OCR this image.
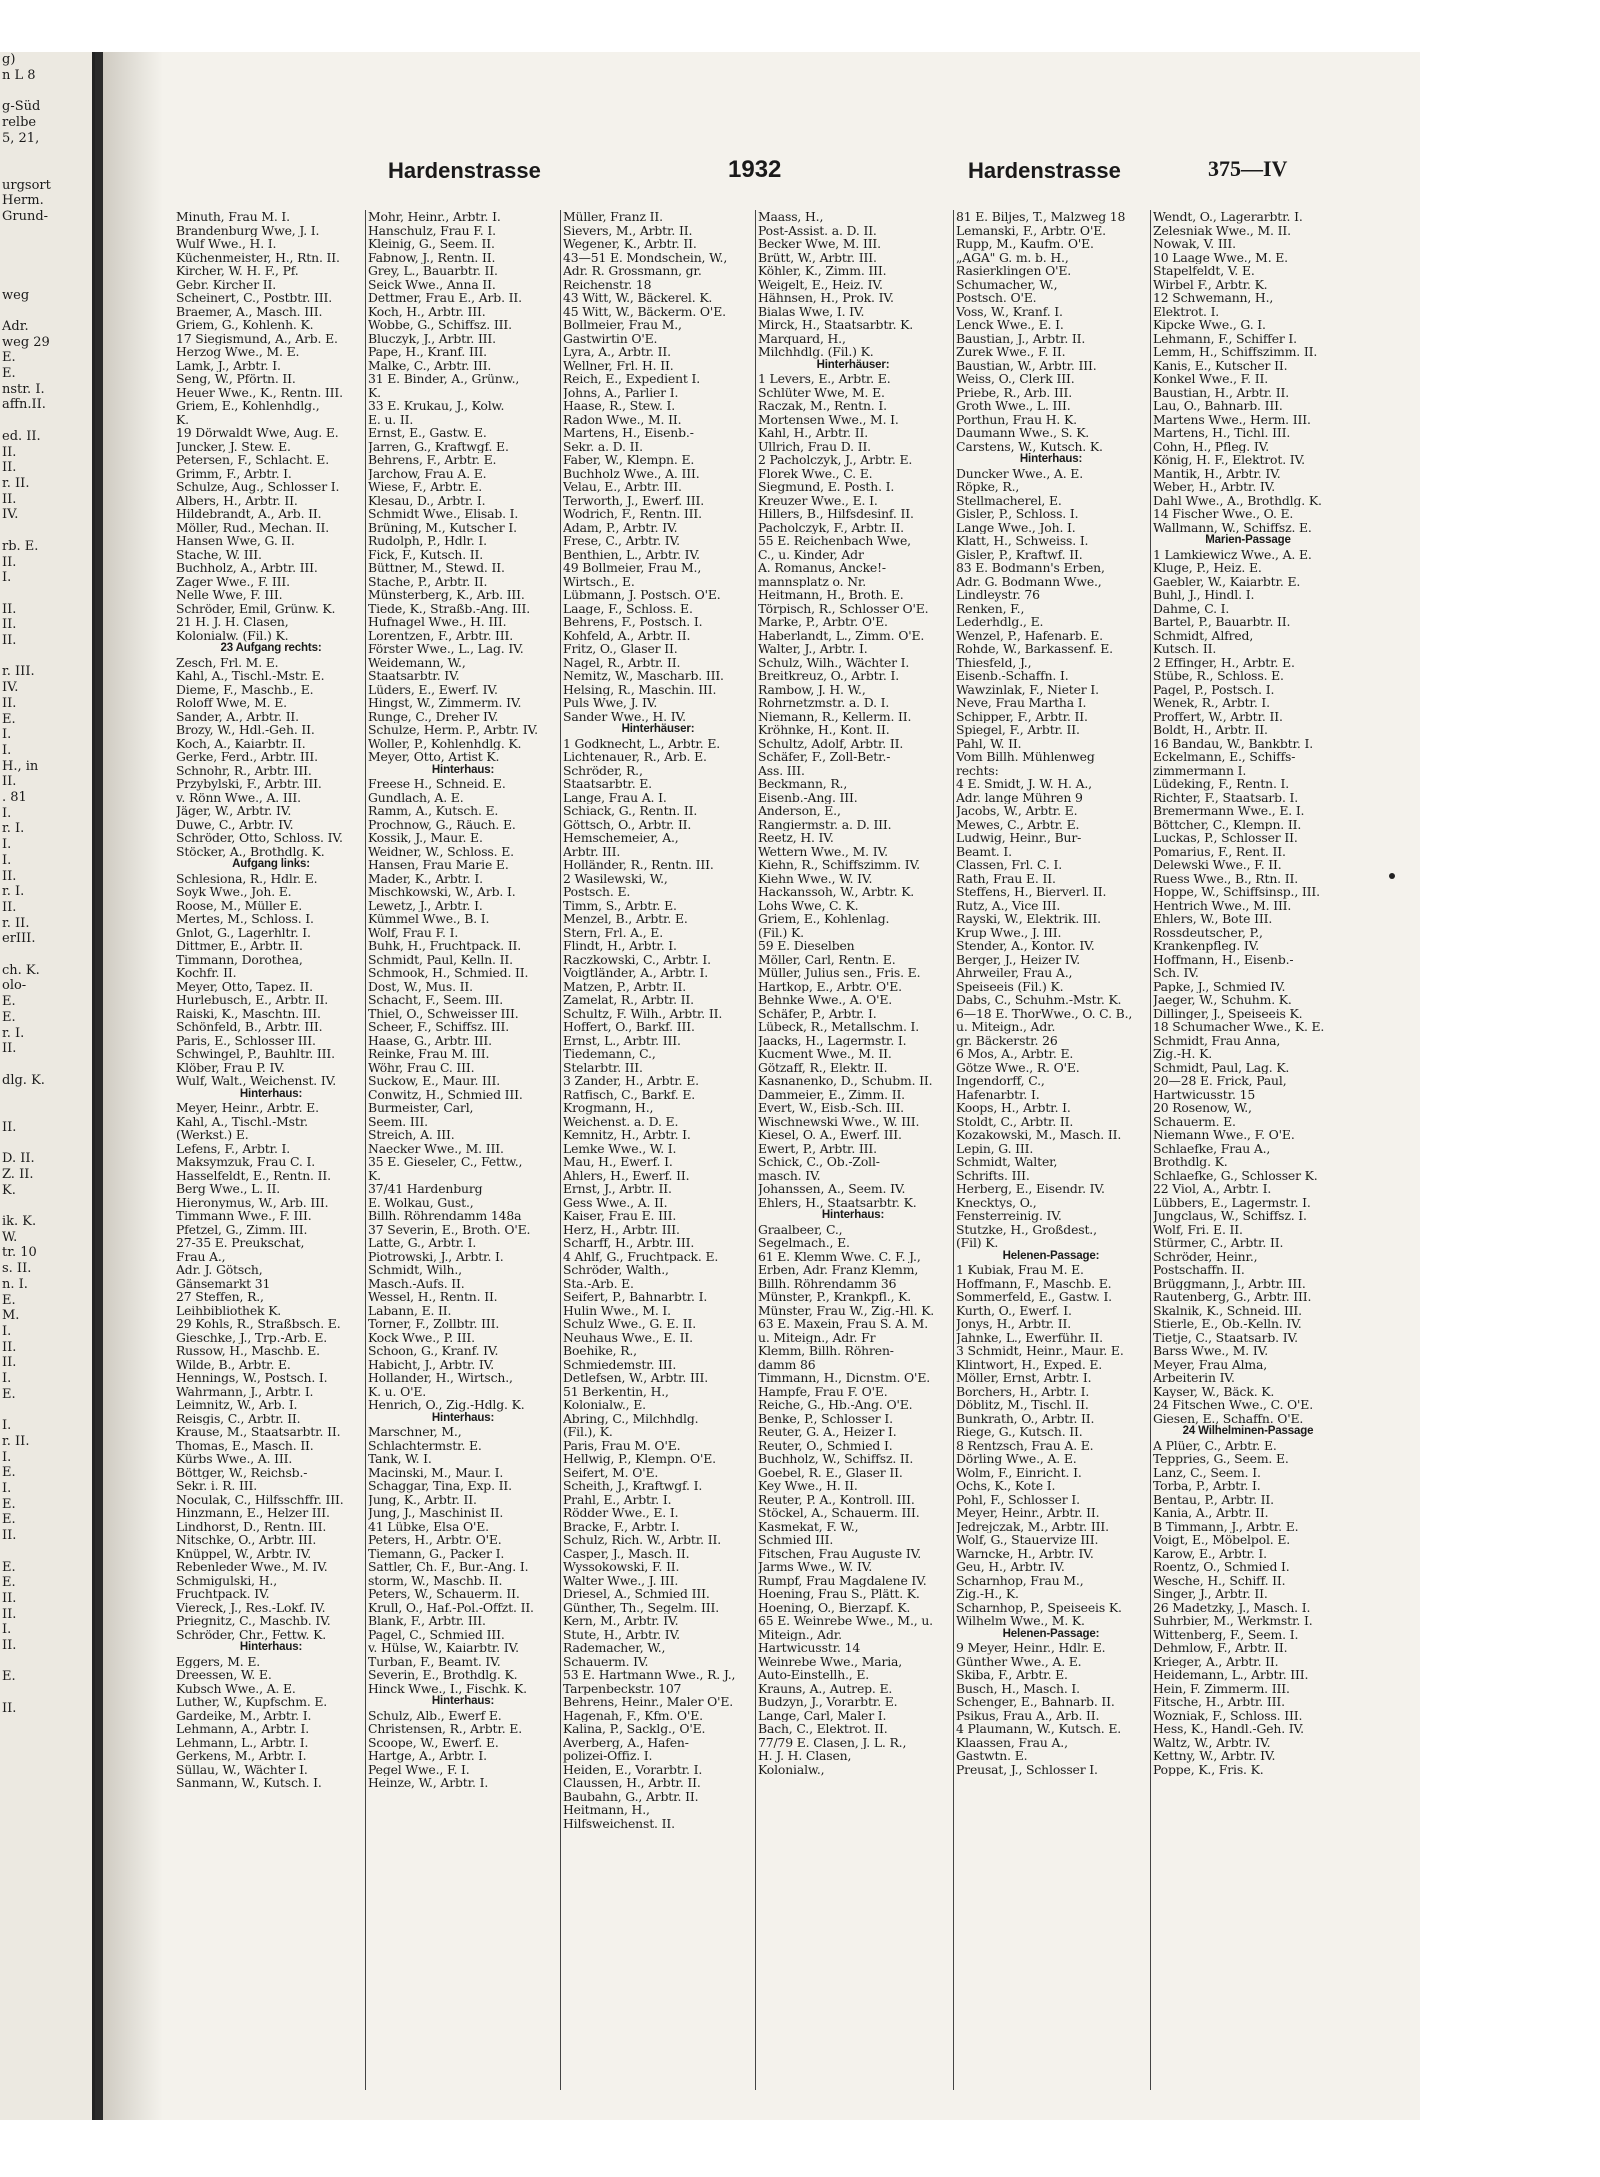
g)
n L 8

g-Süd
relbe
5, 21,

urgsort
Herm.
Grund-

weg

Adr.
weg 29
E.
E.
nstr. I.
affn.II.

ed. II.
II.
II.
r. II.
II.
IV.

rb. E.
II.
I.

II.
II.
II.

r. III.
IV.
II.
E.
I.
I.
H., in
II.
. 81
I.
r. I.
I.
I.
II.
r. I.
II.
r. II.
erIII.

ch. K.
olo-
E.
E.
r. I.
II.

dlg. K.

II.

D. II.
Z. II.
K.

ik. K.
W.
tr. 10
s. II.
n. I.
E.
M.
I.
II.
II.
I.
E.

I.
r. II.
I.
E.
I.
E.
E.
II.

E.
E.
II.
II.
I.
II.

E.

II.
Hardenstrasse	1932	Hardenstrasse	375—IV
Minuth, Frau M. I.
Brandenburg Wwe, J. I.
Wulf Wwe., H. I.
Küchenmeister, H., Rtn. II.
Kircher, W. H. F., Pf.
Gebr. Kircher II.
Scheinert, C., Postbtr. III.
Braemer, A., Masch. III.
Griem, G., Kohlenh. K.
17 Siegismund, A., Arb. E.
Herzog Wwe., M. E.
Lamk, J., Arbtr. I.
Seng, W., Pförtn. II.
Heuer Wwe., K., Rentn. III.
Griem, E., Kohlenhdlg.,
K.
19 Dörwaldt Wwe, Aug. E.
Juncker, J. Stew. E.
Petersen, F., Schlacht. E.
Grimm, F., Arbtr. I.
Schulze, Aug., Schlosser I.
Albers, H., Arbtr. II.
Hildebrandt, A., Arb. II.
Möller, Rud., Mechan. II.
Hansen Wwe, G. II.
Stache, W. III.
Buchholz, A., Arbtr. III.
Zager Wwe., F. III.
Nelle Wwe, F. III.
Schröder, Emil, Grünw. K.
21 H. J. H. Clasen,
Kolonialw. (Fil.) K.
23 Aufgang rechts:
Zesch, Frl. M. E.
Kahl, A., Tischl.-Mstr. E.
Dieme, F., Maschb., E.
Roloff Wwe, M. E.
Sander, A., Arbtr. II.
Brozy, W., Hdl.-Geh. II.
Koch, A., Kaiarbtr. II.
Gerke, Ferd., Arbtr. III.
Schnohr, R., Arbtr. III.
Przybylski, F., Arbtr. III.
v. Rönn Wwe., A. III.
Jäger, W., Arbtr. IV.
Duwe, C., Arbtr. IV.
Schröder, Otto, Schloss. IV.
Stöcker, A., Brothdlg. K.
Aufgang links:
Schlesiona, R., Hdlr. E.
Soyk Wwe., Joh. E.
Roose, M., Müller E.
Mertes, M., Schloss. I.
Gnlot, G., Lagerhltr. I.
Dittmer, E., Arbtr. II.
Timmann, Dorothea,
Kochfr. II.
Meyer, Otto, Tapez. II.
Hurlebusch, E., Arbtr. II.
Raiski, K., Maschtn. III.
Schönfeld, B., Arbtr. III.
Paris, E., Schlosser III.
Schwingel, P., Bauhltr. III.
Klöber, Frau P. IV.
Wulf, Walt., Weichenst. IV.
Hinterhaus:
Meyer, Heinr., Arbtr. E.
Kahl, A., Tischl.-Mstr.
(Werkst.) E.
Lefens, F., Arbtr. I.
Maksymzuk, Frau C. I.
Hasselfeldt, E., Rentn. II.
Berg Wwe., L. II.
Hieronymus, W., Arb. III.
Timmann Wwe., F. III.
Pfetzel, G., Zimm. III.
27-35 E. Preukschat,
Frau A.,
Adr. J. Götsch,
Gänsemarkt 31
27 Steffen, R.,
Leihbibliothek K.
29 Kohls, R., Straßbsch. E.
Gieschke, J., Trp.-Arb. E.
Russow, H., Maschb. E.
Wilde, B., Arbtr. E.
Hennings, W., Postsch. I.
Wahrmann, J., Arbtr. I.
Leimnitz, W., Arb. I.
Reisgis, C., Arbtr. II.
Krause, M., Staatsarbtr. II.
Thomas, E., Masch. II.
Kürbs Wwe., A. III.
Böttger, W., Reichsb.-
Sekr. i. R. III.
Noculak, C., Hilfsschffr. III.
Hinzmann, E., Helzer III.
Lindhorst, D., Rentn. III.
Nitschke, O., Arbtr. III.
Knüppel, W., Arbtr. IV.
Rebenleder Wwe., M. IV.
Schmigulski, H.,
Fruchtpack. IV.
Viereck, J., Res.-Lokf. IV.
Priegnitz, C., Maschb. IV.
Schröder, Chr., Fettw. K.
Hinterhaus:
Eggers, M. E.
Dreessen, W. E.
Kubsch Wwe., A. E.
Luther, W., Kupfschm. E.
Gardeike, M., Arbtr. I.
Lehmann, A., Arbtr. I.
Lehmann, L., Arbtr. I.
Gerkens, M., Arbtr. I.
Süllau, W., Wächter I.
Sanmann, W., Kutsch. I.
Mohr, Heinr., Arbtr. I.
Hanschulz, Frau F. I.
Kleinig, G., Seem. II.
Fabnow, J., Rentn. II.
Grey, L., Bauarbtr. II.
Seick Wwe., Anna II.
Dettmer, Frau E., Arb. II.
Koch, H., Arbtr. III.
Wobbe, G., Schiffsz. III.
Bluczyk, J., Arbtr. III.
Pape, H., Kranf. III.
Malke, C., Arbtr. III.
31 E. Binder, A., Grünw.,
K.
33 E. Krukau, J., Kolw.
E. u. II.
Ernst, E., Gastw. E.
Jarren, G., Kraftwgf. E.
Behrens, F., Arbtr. E.
Jarchow, Frau A. E.
Wiese, F., Arbtr. E.
Klesau, D., Arbtr. I.
Schmidt Wwe., Elisab. I.
Brüning, M., Kutscher I.
Rudolph, P., Hdlr. I.
Fick, F., Kutsch. II.
Büttner, M., Stewd. II.
Stache, P., Arbtr. II.
Münsterberg, K., Arb. III.
Tiede, K., Straßb.-Ang. III.
Hufnagel Wwe., H. III.
Lorentzen, F., Arbtr. III.
Förster Wwe., L., Lag. IV.
Weidemann, W.,
Staatsarbtr. IV.
Lüders, E., Ewerf. IV.
Hingst, W., Zimmerm. IV.
Runge, C., Dreher IV.
Schulze, Herm. P., Arbtr. IV.
Woller, P., Kohlenhdlg. K.
Meyer, Otto, Artist K.
Hinterhaus:
Freese H., Schneid. E.
Gundlach, A. E.
Ramm, A., Kutsch. E.
Prochnow, G., Räuch. E.
Kossik, J., Maur. E.
Weidner, W., Schloss. E.
Hansen, Frau Marie E.
Mader, K., Arbtr. I.
Mischkowski, W., Arb. I.
Lewetz, J., Arbtr. I.
Kümmel Wwe., B. I.
Wolf, Frau F. I.
Buhk, H., Fruchtpack. II.
Schmidt, Paul, Kelln. II.
Schmook, H., Schmied. II.
Dost, W., Mus. II.
Schacht, F., Seem. III.
Thiel, O., Schweisser III.
Scheer, F., Schiffsz. III.
Haase, G., Arbtr. III.
Reinke, Frau M. III.
Wöhr, Frau C. III.
Suckow, E., Maur. III.
Conwitz, H., Schmied III.
Burmeister, Carl,
Seem. III.
Streich, A. III.
Naecker Wwe., M. III.
35 E. Gieseler, C., Fettw.,
K.
37/41 Hardenburg
E. Wolkau, Gust.,
Billh. Röhrendamm 148a
37 Severin, E., Broth. O'E.
Latte, G., Arbtr. I.
Piotrowski, J., Arbtr. I.
Schmidt, Wilh.,
Masch.-Aufs. II.
Wessel, H., Rentn. II.
Labann, E. II.
Torner, F., Zollbtr. III.
Kock Wwe., P. III.
Schoon, G., Kranf. IV.
Habicht, J., Arbtr. IV.
Hollander, H., Wirtsch.,
K. u. O'E.
Henrich, O., Zig.-Hdlg. K.
Hinterhaus:
Marschner, M.,
Schlachtermstr. E.
Tank, W. I.
Macinski, M., Maur. I.
Schaggar, Tina, Exp. II.
Jung, K., Arbtr. II.
Jung, J., Maschinist II.
41 Lübke, Elsa O'E.
Peters, H., Arbtr. O'E.
Tiemann, G., Packer I.
Sattler, Ch. F., Bur.-Ang. I.
storm, W., Maschb. II.
Peters, W., Schauerm. II.
Krull, O., Haf.-Pol.-Offzt. II.
Blank, F., Arbtr. III.
Pagel, C., Schmied III.
v. Hülse, W., Kaiarbtr. IV.
Turban, F., Beamt. IV.
Severin, E., Brothdlg. K.
Hinck Wwe., I., Fischk. K.
Hinterhaus:
Schulz, Alb., Ewerf E.
Christensen, R., Arbtr. E.
Scoope, W., Ewerf. E.
Hartge, A., Arbtr. I.
Pegel Wwe., F. I.
Heinze, W., Arbtr. I.
Müller, Franz II.
Sievers, M., Arbtr. II.
Wegener, K., Arbtr. II.
43—51 E. Mondschein, W.,
Adr. R. Grossmann, gr.
Reichenstr. 18
43 Witt, W., Bäckerel. K.
45 Witt, W., Bäckerm. O'E.
Bollmeier, Frau M.,
Gastwirtin O'E.
Lyra, A., Arbtr. II.
Wellner, Frl. H. II.
Reich, E., Expedient I.
Johns, A., Parlier I.
Haase, R., Stew. I.
Radon Wwe., M. II.
Martens, H., Eisenb.-
Sekr. a. D. II.
Faber, W., Klempn. E.
Buchholz Wwe., A. III.
Velau, E., Arbtr. III.
Terworth, J., Ewerf. III.
Wodrich, F., Rentn. III.
Adam, P., Arbtr. IV.
Frese, C., Arbtr. IV.
Benthien, L., Arbtr. IV.
49 Bollmeier, Frau M.,
Wirtsch., E.
Lübmann, J. Postsch. O'E.
Laage, F., Schloss. E.
Behrens, F., Postsch. I.
Kohfeld, A., Arbtr. II.
Fritz, O., Glaser II.
Nagel, R., Arbtr. II.
Nemitz, W., Mascharb. III.
Helsing, R., Maschin. III.
Puls Wwe, J. IV.
Sander Wwe., H. IV.
Hinterhäuser:
1 Godknecht, L., Arbtr. E.
Lichtenauer, R., Arb. E.
Schröder, R.,
Staatsarbtr. E.
Lange, Frau A. I.
Schiack, G., Rentn. II.
Göttsch, O., Arbtr. II.
Hemschemeier, A.,
Arbtr. III.
Holländer, R., Rentn. III.
2 Wasilewski, W.,
Postsch. E.
Timm, S., Arbtr. E.
Menzel, B., Arbtr. E.
Stern, Frl. A., E.
Flindt, H., Arbtr. I.
Raczkowski, C., Arbtr. I.
Voigtländer, A., Arbtr. I.
Matzen, P., Arbtr. II.
Zamelat, R., Arbtr. II.
Schultz, F. Wilh., Arbtr. II.
Hoffert, O., Barkf. III.
Ernst, L., Arbtr. III.
Tiedemann, C.,
Stelarbtr. III.
3 Zander, H., Arbtr. E.
Ratfisch, C., Barkf. E.
Krogmann, H.,
Weichenst. a. D. E.
Kemnitz, H., Arbtr. I.
Lemke Wwe., W. I.
Mau, H., Ewerf. I.
Ahlers, H., Ewerf. II.
Ernst, J., Arbtr. II.
Gess Wwe., A. II.
Kaiser, Frau E. III.
Herz, H., Arbtr. III.
Scharff, H., Arbtr. III.
4 Ahlf, G., Fruchtpack. E.
Schröder, Walth.,
Sta.-Arb. E.
Seifert, P., Bahnarbtr. I.
Hulin Wwe., M. I.
Schulz Wwe., G. E. II.
Neuhaus Wwe., E. II.
Boehike, R.,
Schmiedemstr. III.
Detlefsen, W., Arbtr. III.
51 Berkentin, H.,
Kolonialw., E.
Abring, C., Milchhdlg.
(Fil.), K.
Paris, Frau M. O'E.
Hellwig, P., Klempn. O'E.
Seifert, M. O'E.
Scheith, J., Kraftwgf. I.
Prahl, E., Arbtr. I.
Rödder Wwe., E. I.
Bracke, F., Arbtr. I.
Schulz, Rich. W., Arbtr. II.
Casper, J., Masch. II.
Wyssokowski, F. II.
Walter Wwe., J. III.
Driesel, A., Schmied III.
Günther, Th., Segelm. III.
Kern, M., Arbtr. IV.
Stute, H., Arbtr. IV.
Rademacher, W.,
Schauerm. IV.
53 E. Hartmann Wwe., R. J.,
Tarpenbeckstr. 107
Behrens, Heinr., Maler O'E.
Hagenah, F., Kfm. O'E.
Kalina, P., Sacklg., O'E.
Averberg, A., Hafen-
polizei-Offiz. I.
Heiden, E., Vorarbtr. I.
Claussen, H., Arbtr. II.
Baubahn, G., Arbtr. II.
Heitmann, H.,
Hilfsweichenst. II.
Maass, H.,
Post-Assist. a. D. II.
Becker Wwe, M. III.
Brütt, W., Arbtr. III.
Köhler, K., Zimm. III.
Weigelt, E., Heiz. IV.
Hähnsen, H., Prok. IV.
Bialas Wwe, I. IV.
Mirck, H., Staatsarbtr. K.
Marquard, H.,
Milchhdlg. (Fil.) K.
Hinterhäuser:
1 Levers, E., Arbtr. E.
Schlüter Wwe, M. E.
Raczak, M., Rentn. I.
Mortensen Wwe., M. I.
Kahl, H., Arbtr. II.
Ullrich, Frau D. II.
2 Pacholczyk, J., Arbtr. E.
Florek Wwe., C. E.
Siegmund, E. Posth. I.
Kreuzer Wwe., E. I.
Hillers, B., Hilfsdesinf. II.
Pacholczyk, F., Arbtr. II.
55 E. Reichenbach Wwe,
C., u. Kinder, Adr
A. Romanus, Ancke!-
mannsplatz o. Nr.
Heitmann, H., Broth. E.
Törpisch, R., Schlosser O'E.
Marke, P., Arbtr. O'E.
Haberlandt, L., Zimm. O'E.
Walter, J., Arbtr. I.
Schulz, Wilh., Wächter I.
Breitkreuz, O., Arbtr. I.
Rambow, J. H. W.,
Rohrnetzmstr. a. D. I.
Niemann, R., Kellerm. II.
Kröhnke, H., Kont. II.
Schultz, Adolf, Arbtr. II.
Schäfer, F., Zoll-Betr.-
Ass. III.
Beckmann, R.,
Eisenb.-Ang. III.
Anderson, E.,
Rangiermstr. a. D. III.
Reetz, H. IV.
Wettern Wwe., M. IV.
Kiehn, R., Schiffszimm. IV.
Kiehn Wwe., W. IV.
Hackanssoh, W., Arbtr. K.
Lohs Wwe, C. K.
Griem, E., Kohlenlag.
(Fil.) K.
59 E. Dieselben
Möller, Carl, Rentn. E.
Müller, Julius sen., Fris. E.
Hartkop, E., Arbtr. O'E.
Behnke Wwe., A. O'E.
Schäfer, P., Arbtr. I.
Lübeck, R., Metallschm. I.
Jaacks, H., Lagermstr. I.
Kucment Wwe., M. II.
Götzaff, R., Elektr. II.
Kasnanenko, D., Schubm. II.
Dammeier, E., Zimm. II.
Evert, W., Eisb.-Sch. III.
Wischnewski Wwe., W. III.
Kiesel, O. A., Ewerf. III.
Ewert, P., Arbtr. III.
Schick, C., Ob.-Zoll-
masch. IV.
Johanssen, A., Seem. IV.
Ehlers, H., Staatsarbtr. K.
Hinterhaus:
Graalbeer, C.,
Segelmach., E.
61 E. Klemm Wwe. C. F. J.,
Erben, Adr. Franz Klemm,
Billh. Röhrendamm 36
Münster, P., Krankpfl., K.
Münster, Frau W., Zig.-Hl. K.
63 E. Maxein, Frau S. A. M.
u. Miteign., Adr. Fr
Klemm, Billh. Röhren-
damm 86
Timmann, H., Dicnstm. O'E.
Hampfe, Frau F. O'E.
Reiche, G., Hb.-Ang. O'E.
Benke, P., Schlosser I.
Reuter, G. A., Heizer I.
Reuter, O., Schmied I.
Buchholz, W., Schiffsz. II.
Goebel, R. E., Glaser II.
Key Wwe., H. II.
Reuter, P. A., Kontroll. III.
Stöckel, A., Schauerm. III.
Kasmekat, F. W.,
Schmied III.
Fitschen, Frau Auguste IV.
Jarms Wwe., W. IV.
Rumpf, Frau Magdalene IV.
Hoening, Frau S., Plätt. K.
Hoening, O., Bierzapf. K.
65 E. Weinrebe Wwe., M., u.
Miteign., Adr.
Hartwicusstr. 14
Weinrebe Wwe., Maria,
Auto-Einstellh., E.
Krauns, A., Autrep. E.
Budzyn, J., Vorarbtr. E.
Lange, Carl, Maler I.
Bach, C., Elektrot. II.
77/79 E. Clasen, J. L. R.,
H. J. H. Clasen,
Kolonialw.,
81 E. Biljes, T., Malzweg 18
Lemanski, F., Arbtr. O'E.
Rupp, M., Kaufm. O'E.
„AGA" G. m. b. H.,
Rasierklingen O'E.
Schumacher, W.,
Postsch. O'E.
Voss, W., Kranf. I.
Lenck Wwe., E. I.
Baustian, J., Arbtr. II.
Zurek Wwe., F. II.
Baustian, W., Arbtr. III.
Weiss, O., Clerk III.
Priebe, R., Arb. III.
Groth Wwe., L. III.
Porthun, Frau H. K.
Daumann Wwe., S. K.
Carstens, W., Kutsch. K.
Hinterhaus:
Duncker Wwe., A. E.
Röpke, R.,
Stellmacherel, E.
Gisler, P., Schloss. I.
Lange Wwe., Joh. I.
Klatt, H., Schweiss. I.
Gisler, P., Kraftwf. II.
83 E. Bodmann's Erben,
Adr. G. Bodmann Wwe.,
Lindleystr. 76
Renken, F.,
Lederhdlg., E.
Wenzel, P., Hafenarb. E.
Rohde, W., Barkassenf. E.
Thiesfeld, J.,
Eisenb.-Schaffn. I.
Wawzinlak, F., Nieter I.
Neve, Frau Martha I.
Schipper, F., Arbtr. II.
Spiegel, F., Arbtr. II.
Pahl, W. II.
Vom Billh. Mühlenweg
rechts:
4 E. Smidt, J. W. H. A.,
Adr. lange Mühren 9
Jacobs, W., Arbtr. E.
Mewes, C., Arbtr. E.
Ludwig, Heinr., Bur-
Beamt. I.
Classen, Frl. C. I.
Rath, Frau E. II.
Steffens, H., Bierverl. II.
Rutz, A., Vice III.
Rayski, W., Elektrik. III.
Krup Wwe., J. III.
Stender, A., Kontor. IV.
Berger, J., Heizer IV.
Ahrweiler, Frau A.,
Speiseeis (Fil.) K.
Dabs, C., Schuhm.-Mstr. K.
6—18 E. ThorWwe., O. C. B.,
u. Miteign., Adr.
gr. Bäckerstr. 26
6 Mos, A., Arbtr. E.
Götze Wwe., R. O'E.
Ingendorff, C.,
Hafenarbtr. I.
Koops, H., Arbtr. I.
Stoldt, C., Arbtr. II.
Kozakowski, M., Masch. II.
Lepin, G. III.
Schmidt, Walter,
Schrifts. III.
Herberg, E., Eisendr. IV.
Knecktys, O.,
Fensterreinig. IV.
Stutzke, H., Großdest.,
(Fil) K.
Helenen-Passage:
1 Kubiak, Frau M. E.
Hoffmann, F., Maschb. E.
Sommerfeld, E., Gastw. I.
Kurth, O., Ewerf. I.
Jonys, H., Arbtr. II.
Jahnke, L., Ewerführ. II.
3 Schmidt, Heinr., Maur. E.
Klintwort, H., Exped. E.
Möller, Ernst, Arbtr. I.
Borchers, H., Arbtr. I.
Döblitz, M., Tischl. II.
Bunkrath, O., Arbtr. II.
Riege, G., Kutsch. II.
8 Rentzsch, Frau A. E.
Dörling Wwe., A. E.
Wolm, F., Einricht. I.
Ochs, K., Kote I.
Pohl, F., Schlosser I.
Meyer, Heinr., Arbtr. II.
Jedrejczak, M., Arbtr. III.
Wolf, G., Stauervize III.
Warncke, H., Arbtr. IV.
Geu, H., Arbtr. IV.
Scharnhop, Frau M.,
Zig.-H., K.
Scharnhop, P., Speiseeis K.
Wilhelm Wwe., M. K.
Helenen-Passage:
9 Meyer, Heinr., Hdlr. E.
Günther Wwe., A. E.
Skiba, F., Arbtr. E.
Busch, H., Masch. I.
Schenger, E., Bahnarb. II.
Psikus, Frau A., Arb. II.
4 Plaumann, W., Kutsch. E.
Klaassen, Frau A.,
Gastwtn. E.
Preusat, J., Schlosser I.
Wendt, O., Lagerarbtr. I.
Zelesniak Wwe., M. II.
Nowak, V. III.
10 Laage Wwe., M. E.
Stapelfeldt, V. E.
Wirbel F., Arbtr. K.
12 Schwemann, H.,
Elektrot. I.
Kipcke Wwe., G. I.
Lehmann, F., Schiffer I.
Lemm, H., Schiffszimm. II.
Kanis, E., Kutscher II.
Konkel Wwe., F. II.
Baustian, H., Arbtr. II.
Lau, O., Bahnarb. III.
Martens Wwe., Herm. III.
Martens, H., Tichl. III.
Cohn, H., Pfleg. IV.
König, H. F., Elektrot. IV.
Mantik, H., Arbtr. IV.
Weber, H., Arbtr. IV.
Dahl Wwe., A., Brothdlg. K.
14 Fischer Wwe., O. E.
Wallmann, W., Schiffsz. E.
Marien-Passage
1 Lamkiewicz Wwe., A. E.
Kluge, P., Heiz. E.
Gaebler, W., Kaiarbtr. E.
Buhl, J., Hindl. I.
Dahme, C. I.
Bartel, P., Bauarbtr. II.
Schmidt, Alfred,
Kutsch. II.
2 Effinger, H., Arbtr. E.
Stübe, R., Schloss. E.
Pagel, P., Postsch. I.
Wenek, R., Arbtr. I.
Proffert, W., Arbtr. II.
Boldt, H., Arbtr. II.
16 Bandau, W., Bankbtr. I.
Eckelmann, E., Schiffs-
zimmermann I.
Lüdeking, F., Rentn. I.
Richter, F., Staatsarb. I.
Bremermann Wwe., E. I.
Böttcher, C., Klempn. II.
Luckas, P., Schlosser II.
Pomarius, F., Rent. II.
Delewski Wwe., F. II.
Ruess Wwe., B., Rtn. II.
Hoppe, W., Schiffsinsp., III.
Hentrich Wwe., M. III.
Ehlers, W., Bote III.
Rossdeutscher, P.,
Krankenpfleg. IV.
Hoffmann, H., Eisenb.-
Sch. IV.
Papke, J., Schmied IV.
Jaeger, W., Schuhm. K.
Dillinger, J., Speiseeis K.
18 Schumacher Wwe., K. E.
Schmidt, Frau Anna,
Zig.-H. K.
Schmidt, Paul, Lag. K.
20—28 E. Frick, Paul,
Hartwicusstr. 15
20 Rosenow, W.,
Schauerm. E.
Niemann Wwe., F. O'E.
Schlaefke, Frau A.,
Brothdlg. K.
Schlaefke, G., Schlosser K.
22 Viol, A., Arbtr. I.
Lübbers, E., Lagermstr. I.
Jungclaus, W., Schiffsz. I.
Wolf, Fri. E. II.
Stürmer, C., Arbtr. II.
Schröder, Heinr.,
Postschaffn. II.
Brüggmann, J., Arbtr. III.
Rautenberg, G., Arbtr. III.
Skalnik, K., Schneid. III.
Stierle, E., Ob.-Kelln. IV.
Tietje, C., Staatsarb. IV.
Barss Wwe., M. IV.
Meyer, Frau Alma,
Arbeiterin IV.
Kayser, W., Bäck. K.
24 Fitschen Wwe., C. O'E.
Giesen, E., Schaffn. O'E.
24 Wilhelminen-Passage
A Plüer, C., Arbtr. E.
Teppries, G., Seem. E.
Lanz, C., Seem. I.
Torba, P., Arbtr. I.
Bentau, P., Arbtr. II.
Kania, A., Arbtr. II.
B Timmann, J., Arbtr. E.
Voigt, E., Möbelpol. E.
Karow, E., Arbtr. I.
Roentz, O., Schmied I.
Wesche, H., Schiff. II.
Singer, J., Arbtr. II.
26 Madetzky, J., Masch. I.
Suhrbier, M., Werkmstr. I.
Wittenberg, F., Seem. I.
Dehmlow, F., Arbtr. II.
Krieger, A., Arbtr. II.
Heidemann, L., Arbtr. III.
Hein, F. Zimmerm. III.
Fitsche, H., Arbtr. III.
Wozniak, F., Schloss. III.
Hess, K., Handl.-Geh. IV.
Waltz, W., Arbtr. IV.
Kettny, W., Arbtr. IV.
Poppe, K., Fris. K.
